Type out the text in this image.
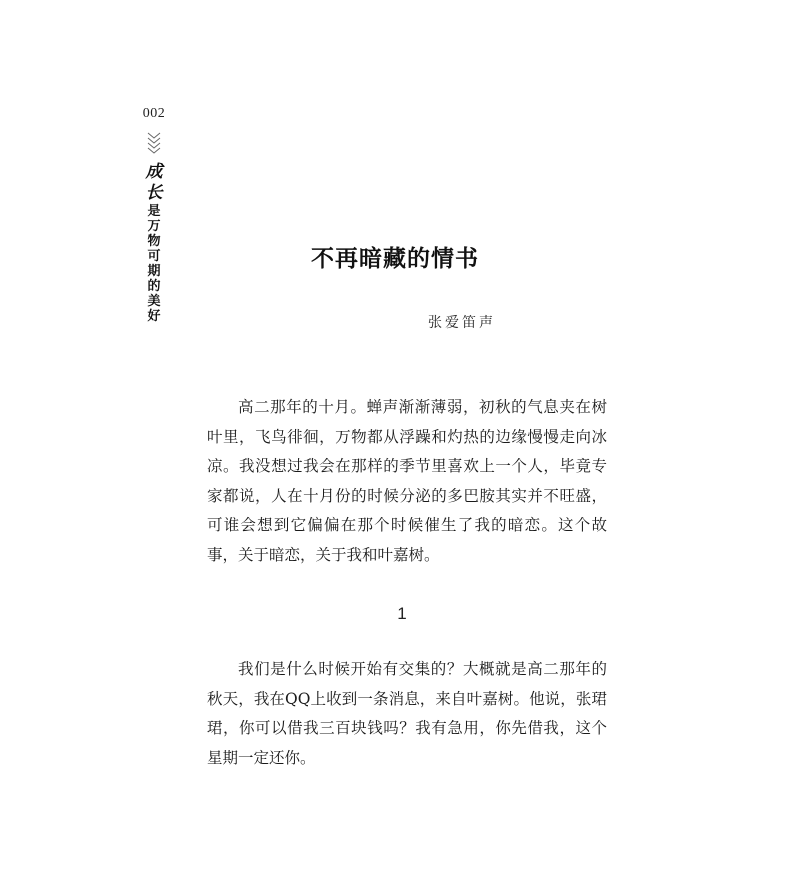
002
成
长
是
万
物
可
期
的
美
好
不再暗藏的情书
张爱笛声

高二那年的十月。蝉声渐渐薄弱，初秋的气息夹在树叶里，飞鸟徘徊，万物都从浮躁和灼热的边缘慢慢走向冰凉。我没想过我会在那样的季节里喜欢上一个人，毕竟专家都说，人在十月份的时候分泌的多巴胺其实并不旺盛，可谁会想到它偏偏在那个时候催生了我的暗恋。这个故事，关于暗恋，关于我和叶嘉树。

1

我们是什么时候开始有交集的？大概就是高二那年的秋天，我在QQ上收到一条消息，来自叶嘉树。他说，张珺珺，你可以借我三百块钱吗？我有急用，你先借我，这个星期一定还你。
